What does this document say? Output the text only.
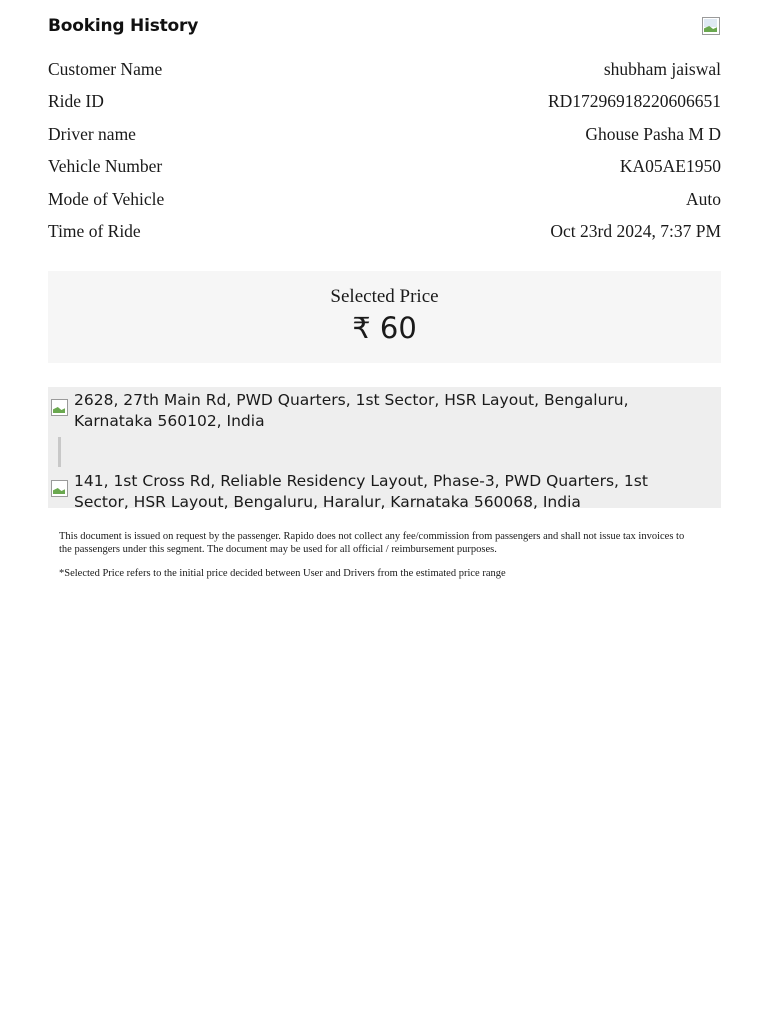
Booking History
Customer Name	shubham jaiswal
Ride ID	RD17296918220606651
Driver name	Ghouse Pasha M D
Vehicle Number	KA05AE1950
Mode of Vehicle	Auto
Time of Ride	Oct 23rd 2024, 7:37 PM
Selected Price
₹ 60
2628, 27th Main Rd, PWD Quarters, 1st Sector, HSR Layout, Bengaluru, Karnataka 560102, India
141, 1st Cross Rd, Reliable Residency Layout, Phase-3, PWD Quarters, 1st Sector, HSR Layout, Bengaluru, Haralur, Karnataka 560068, India

This document is issued on request by the passenger. Rapido does not collect any fee/commission from passengers and shall not issue tax invoices to the passengers under this segment. The document may be used for all official / reimbursement purposes.

*Selected Price refers to the initial price decided between User and Drivers from the estimated price range
